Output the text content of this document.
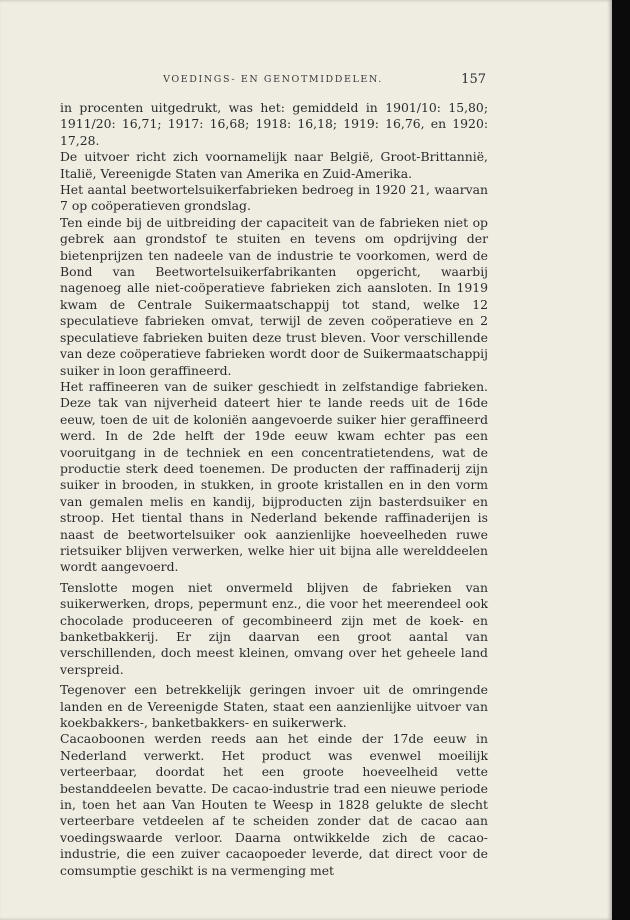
VOEDINGS- EN GENOTMIDDELEN.	157

in procenten uitgedrukt, was het: gemiddeld in 1901/10: 15,80; 1911/20: 16,71; 1917: 16,68; 1918: 16,18; 1919: 16,76, en 1920: 17,28.

De uitvoer richt zich voornamelijk naar België, Groot-Brittannië, Italië, Vereenigde Staten van Amerika en Zuid-Amerika.

Het aantal beetwortelsuikerfabrieken bedroeg in 1920 21, waarvan 7 op coöperatieven grondslag.

Ten einde bij de uitbreiding der capaciteit van de fabrieken niet op gebrek aan grondstof te stuiten en tevens om opdrijving der bietenprijzen ten nadeele van de industrie te voorkomen, werd de Bond van Beetwortelsuikerfabrikanten opgericht, waarbij nagenoeg alle niet-coöperatieve fabrieken zich aansloten. In 1919 kwam de Centrale Suikermaatschappij tot stand, welke 12 speculatieve fabrieken omvat, terwijl de zeven coöperatieve en 2 speculatieve fabrieken buiten deze trust bleven. Voor verschillende van deze coöperatieve fabrieken wordt door de Suikermaatschappij suiker in loon geraffineerd.

Het raffineeren van de suiker geschiedt in zelfstandige fabrieken. Deze tak van nijverheid dateert hier te lande reeds uit de 16de eeuw, toen de uit de koloniën aangevoerde suiker hier geraffineerd werd. In de 2de helft der 19de eeuw kwam echter pas een vooruitgang in de techniek en een concentratietendens, wat de productie sterk deed toenemen. De producten der raffinaderij zijn suiker in brooden, in stukken, in groote kristallen en in den vorm van gemalen melis en kandij, bijproducten zijn basterdsuiker en stroop. Het tiental thans in Nederland bekende raffinaderijen is naast de beetwortelsuiker ook aanzienlijke hoeveelheden ruwe rietsuiker blijven verwerken, welke hier uit bijna alle werelddeelen wordt aangevoerd.

Tenslotte mogen niet onvermeld blijven de fabrieken van suikerwerken, drops, pepermunt enz., die voor het meerendeel ook chocolade produceeren of gecombineerd zijn met de koek- en banketbakkerij. Er zijn daarvan een groot aantal van verschillenden, doch meest kleinen, omvang over het geheele land verspreid.

Tegenover een betrekkelijk geringen invoer uit de omringende landen en de Vereenigde Staten, staat een aanzienlijke uitvoer van koekbakkers-, banketbakkers- en suikerwerk.

Cacaoboonen werden reeds aan het einde der 17de eeuw in Nederland verwerkt. Het product was evenwel moeilijk verteerbaar, doordat het een groote hoeveelheid vette bestanddeelen bevatte. De cacao-industrie trad een nieuwe periode in, toen het aan Van Houten te Weesp in 1828 gelukte de slecht verteerbare vetdeelen af te scheiden zonder dat de cacao aan voedingswaarde verloor. Daarna ontwikkelde zich de cacao-industrie, die een zuiver cacaopoeder leverde, dat direct voor de comsumptie geschikt is na vermenging met
